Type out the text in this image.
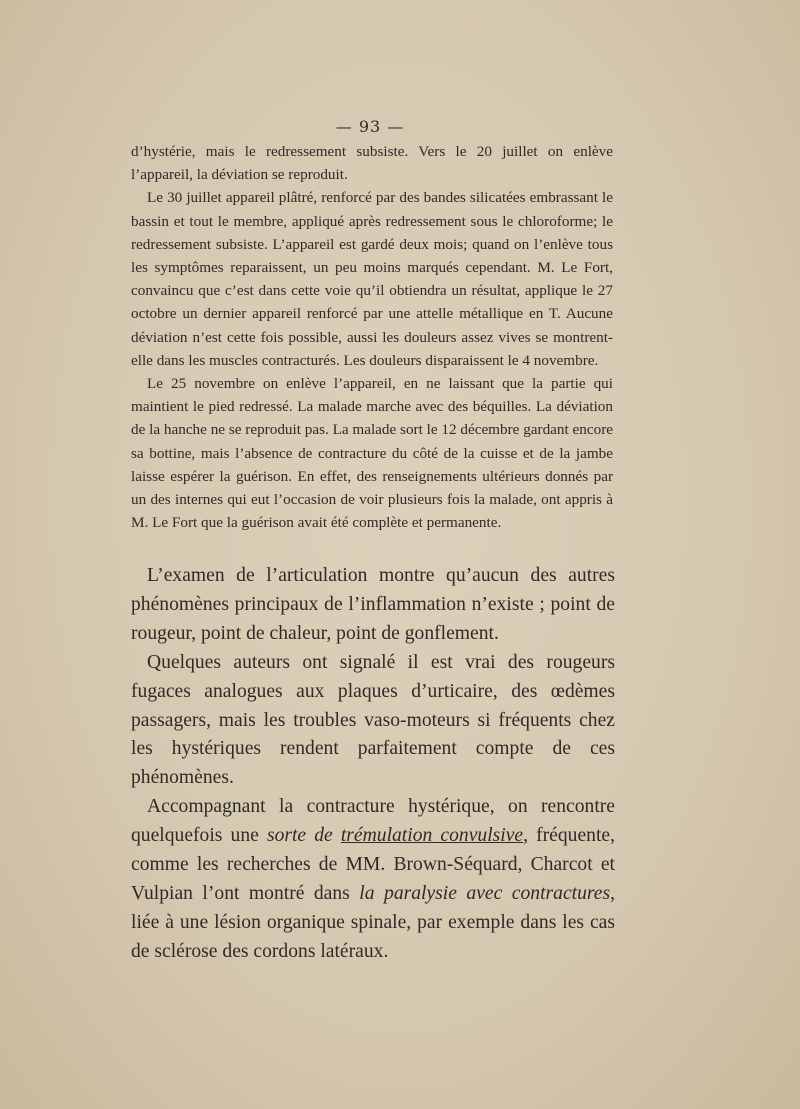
— 93 —

d’hystérie, mais le redressement subsiste. Vers le 20 juillet on enlève l’appareil, la déviation se reproduit.

Le 30 juillet appareil plâtré, renforcé par des bandes silicatées embrassant le bassin et tout le membre, appliqué après redressement sous le chloroforme; le redressement subsiste. L’appareil est gardé deux mois; quand on l’enlève tous les symptômes reparaissent, un peu moins marqués cependant. M. Le Fort, convaincu que c’est dans cette voie qu’il obtiendra un résultat, applique le 27 octobre un dernier appareil renforcé par une attelle métallique en T. Aucune déviation n’est cette fois possible, aussi les douleurs assez vives se montrent-elle dans les muscles contracturés. Les douleurs disparaissent le 4 novembre.

Le 25 novembre on enlève l’appareil, en ne laissant que la partie qui maintient le pied redressé. La malade marche avec des béquilles. La déviation de la hanche ne se reproduit pas. La malade sort le 12 décembre gardant encore sa bottine, mais l’absence de contracture du côté de la cuisse et de la jambe laisse espérer la guérison. En effet, des renseignements ultérieurs donnés par un des internes qui eut l’occasion de voir plusieurs fois la malade, ont appris à M. Le Fort que la guérison avait été complète et permanente.

L’examen de l’articulation montre qu’aucun des autres phénomènes principaux de l’inflammation n’existe ; point de rougeur, point de chaleur, point de gonflement.

Quelques auteurs ont signalé il est vrai des rougeurs fugaces analogues aux plaques d’urticaire, des œdèmes passagers, mais les troubles vaso-moteurs si fréquents chez les hystériques rendent parfaitement compte de ces phénomènes.

Accompagnant la contracture hystérique, on rencontre quelquefois une sorte de trémulation convulsive, fréquente, comme les recherches de MM. Brown-Séquard, Charcot et Vulpian l’ont montré dans la paralysie avec contractures, liée à une lésion organique spinale, par exemple dans les cas de sclérose des cordons latéraux.
